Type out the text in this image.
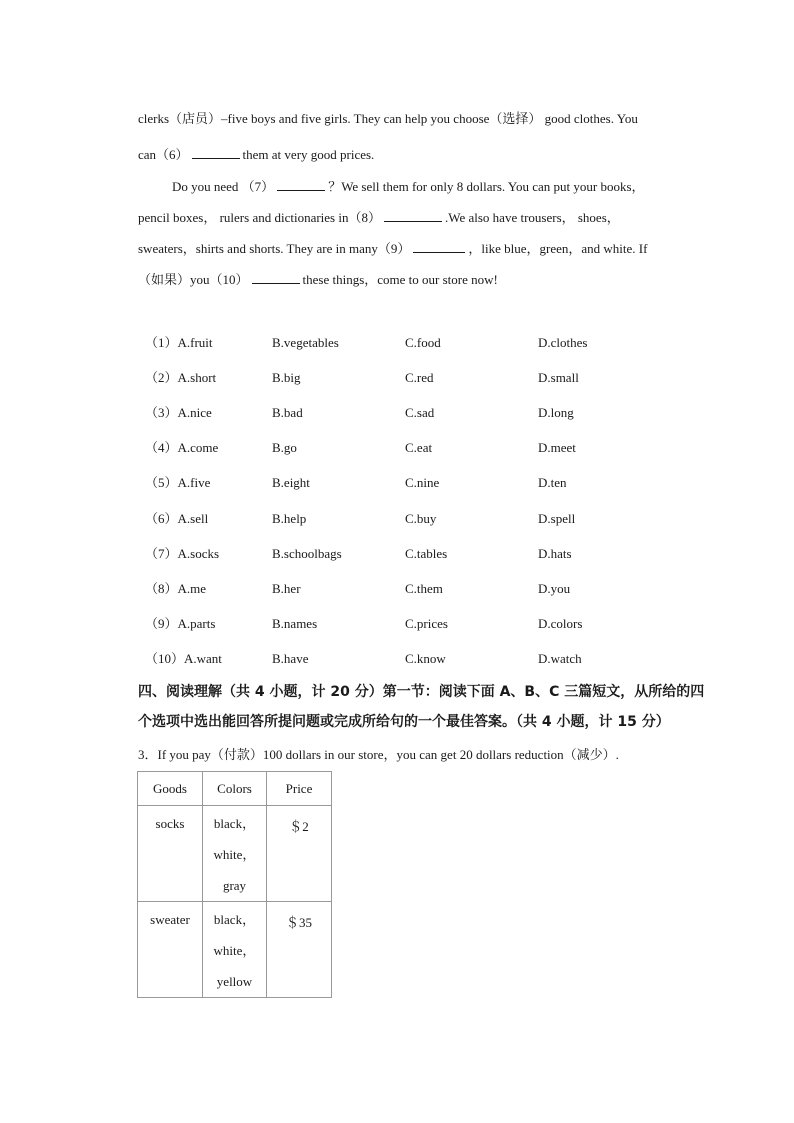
clerks（店员）–five boys and five girls. They can help you choose（选择） good clothes. You
can（6）	them at very good prices.
Do you need （7）	？We sell them for only 8 dollars. You can put your books，
pencil boxes， rulers and dictionaries in（8）	.We also have trousers， shoes，
sweaters，shirts and shorts. They are in many（9）	，like blue，green，and white. If
（如果）you（10）	these things，come to our store now!
（1）A.fruit	B.vegetables	C.food	D.clothes
（2）A.short	B.big	C.red	D.small
（3）A.nice	B.bad	C.sad	D.long
（4）A.come	B.go	C.eat	D.meet
（5）A.five	B.eight	C.nine	D.ten
（6）A.sell	B.help	C.buy	D.spell
（7）A.socks	B.schoolbags	C.tables	D.hats
（8）A.me	B.her	C.them	D.you
（9）A.parts	B.names	C.prices	D.colors
（10）A.want	B.have	C.know	D.watch
四、阅读理解（共 4 小题，计 20 分）第一节：阅读下面 A、B、C 三篇短文，从所给的四
个选项中选出能回答所提问题或完成所给句的一个最佳答案。（共 4 小题，计 15 分）
3．If you pay（付款）100 dollars in our store，you can get 20 dollars reduction（减少）.
Goods	Colors	Price
socks	black，
white，
gray	＄2
sweater	black，
white，
yellow	＄35
